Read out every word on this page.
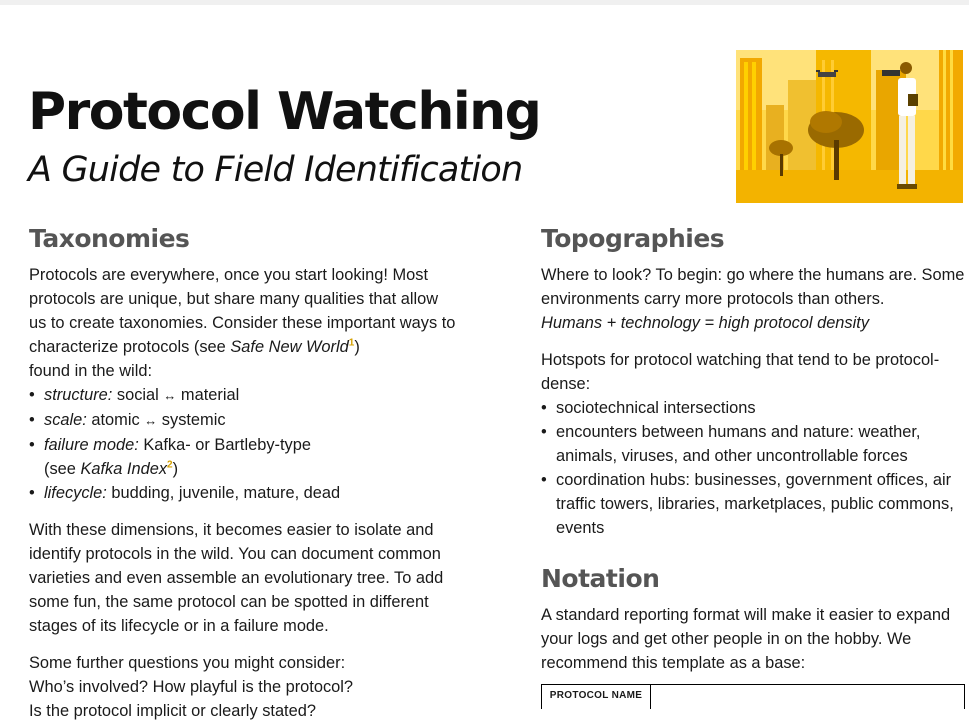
Protocol Watching
A Guide to Field Identification
Taxonomies

Protocols are everywhere, once you start looking! Most protocols are unique, but share many qualities that allow us to create taxonomies. Consider these important ways to characterize protocols (see Safe New World$^1$)
found in the wild:

• structure: social ↔ material
• scale: atomic ↔ systemic
• failure mode: Kafka- or Bartleby-type
(see Kafka Index$^2$)
• lifecycle: budding, juvenile, mature, dead

With these dimensions, it becomes easier to isolate and identify protocols in the wild. You can document common varieties and even assemble an evolutionary tree. To add some fun, the same protocol can be spotted in different stages of its lifecycle or in a failure mode.

Some further questions you might consider:
Who’s involved? How playful is the protocol?
Is the protocol implicit or clearly stated?

Topographies

Where to look? To begin: go where the humans are. Some environments carry more protocols than others.
Humans + technology = high protocol density

Hotspots for protocol watching that tend to be protocol-dense:

• sociotechnical intersections
• encounters between humans and nature: weather, animals, viruses, and other uncontrollable forces
• coordination hubs: businesses, government offices, air traffic towers, libraries, marketplaces, public commons, events
Notation

A standard reporting format will make it easier to expand your logs and get other people in on the hobby. We recommend this template as a base:

PROTOCOL NAME
